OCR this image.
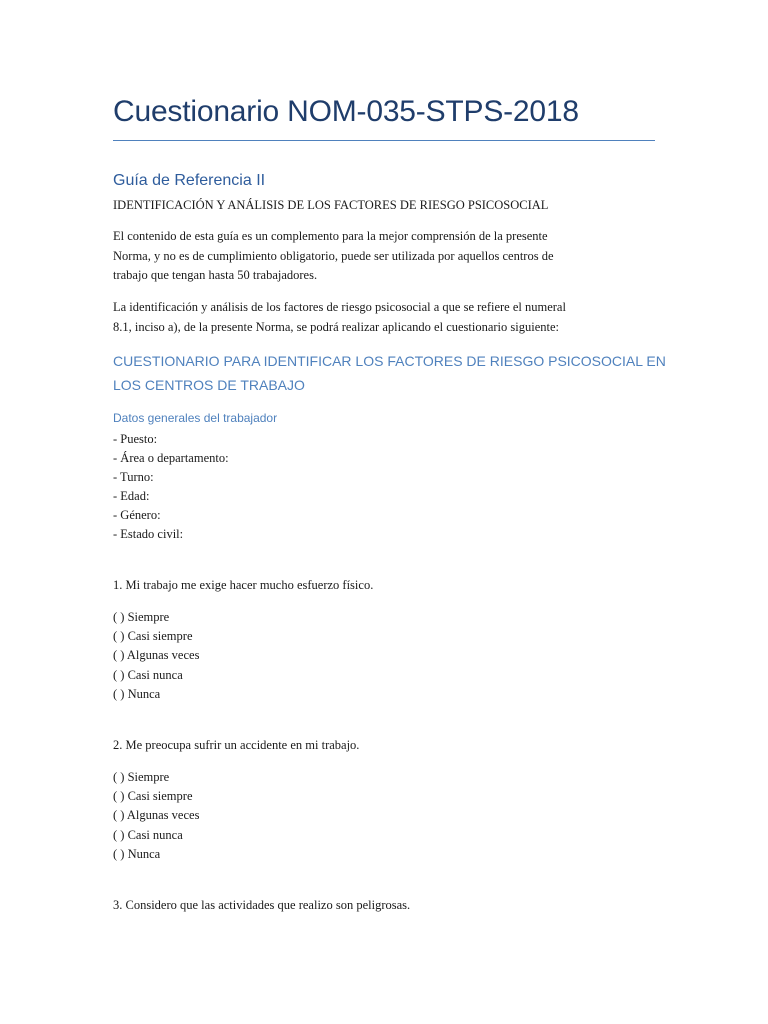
Cuestionario NOM-035-STPS-2018
Guía de Referencia II
IDENTIFICACIÓN Y ANÁLISIS DE LOS FACTORES DE RIESGO PSICOSOCIAL

El contenido de esta guía es un complemento para la mejor comprensión de la presente
Norma, y no es de cumplimiento obligatorio, puede ser utilizada por aquellos centros de
trabajo que tengan hasta 50 trabajadores.

La identificación y análisis de los factores de riesgo psicosocial a que se refiere el numeral
8.1, inciso a), de la presente Norma, se podrá realizar aplicando el cuestionario siguiente:

CUESTIONARIO PARA IDENTIFICAR LOS FACTORES DE RIESGO PSICOSOCIAL EN
LOS CENTROS DE TRABAJO
Datos generales del trabajador
- Puesto:
- Área o departamento:
- Turno:
- Edad:
- Género:
- Estado civil:
1. Mi trabajo me exige hacer mucho esfuerzo físico.
( ) Siempre
( ) Casi siempre
( ) Algunas veces
( ) Casi nunca
( ) Nunca
2. Me preocupa sufrir un accidente en mi trabajo.
( ) Siempre
( ) Casi siempre
( ) Algunas veces
( ) Casi nunca
( ) Nunca
3. Considero que las actividades que realizo son peligrosas.
